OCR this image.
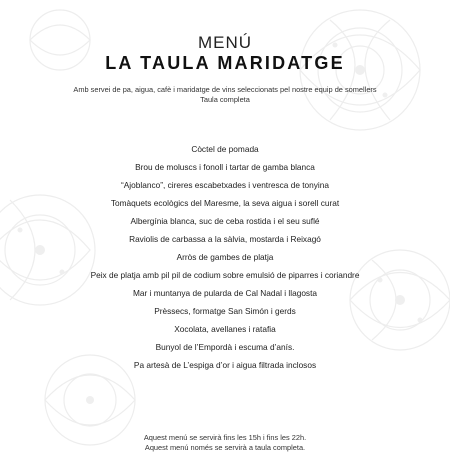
MENÚ
LA TAULA MARIDATGE
Amb servei de pa, aigua, cafè i maridatge de vins seleccionats pel nostre equip de somellers
Taula completa
Còctel de pomada
Brou de moluscs i fonoll i tartar de gamba blanca
“Ajoblanco”, cireres escabetxades i ventresca de tonyina
Tomàquets ecològics del Maresme, la seva aigua i sorell curat
Albergínia blanca, suc de ceba rostida i el seu suflé
Raviolis de carbassa a la sàlvia, mostarda i Reixagó
Arròs de gambes de platja
Peix de platja amb pil pil de codium sobre emulsió de piparres i coriandre
Mar i muntanya de pularda de Cal Nadal i llagosta
Prèssecs, formatge San Simón i gerds
Xocolata, avellanes i ratafia
Bunyol de l’Empordà i escuma d’anís.
Pa artesà de L’espiga d’or i aigua filtrada inclosos
Aquest menú se servirà fins les 15h i fins les 22h.
Aquest menú només se servirà a taula completa.
